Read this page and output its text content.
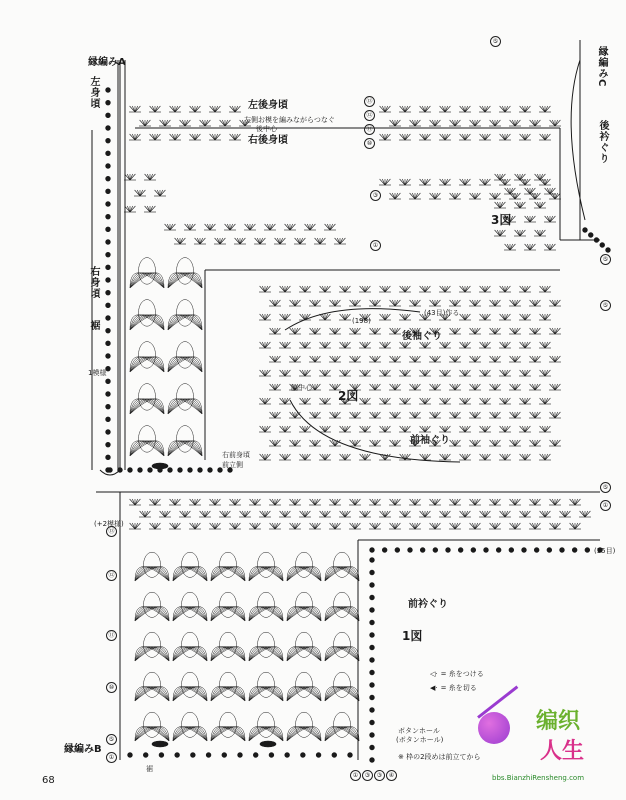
縁編みA
左身頃
右身頃
裾
左後身頃
左側お模を編みながらつなぐ
後中心
右後身頃
縁編みC
後衿ぐり
3図
(43目)作る
(198)
後袖ぐり
脇中心
2図
前袖ぐり
右前身頃
前立側
1模様
(+2模様)
(55目)
前衿ぐり
1図
◁· = 糸をつける
◀· = 糸を切る
ボタンホール
(ボタンホール)
※ 枠の2段めは前立てから
縁編みB
裾
⑬
⑫
⑪
⑩
⑤
①
⑬
⑫
⑪
⑩
⑤
③
①
⑤
⑤
⑤
①
①	③	③	④
68
编织
人生
bbs.BianzhiRensheng.com
